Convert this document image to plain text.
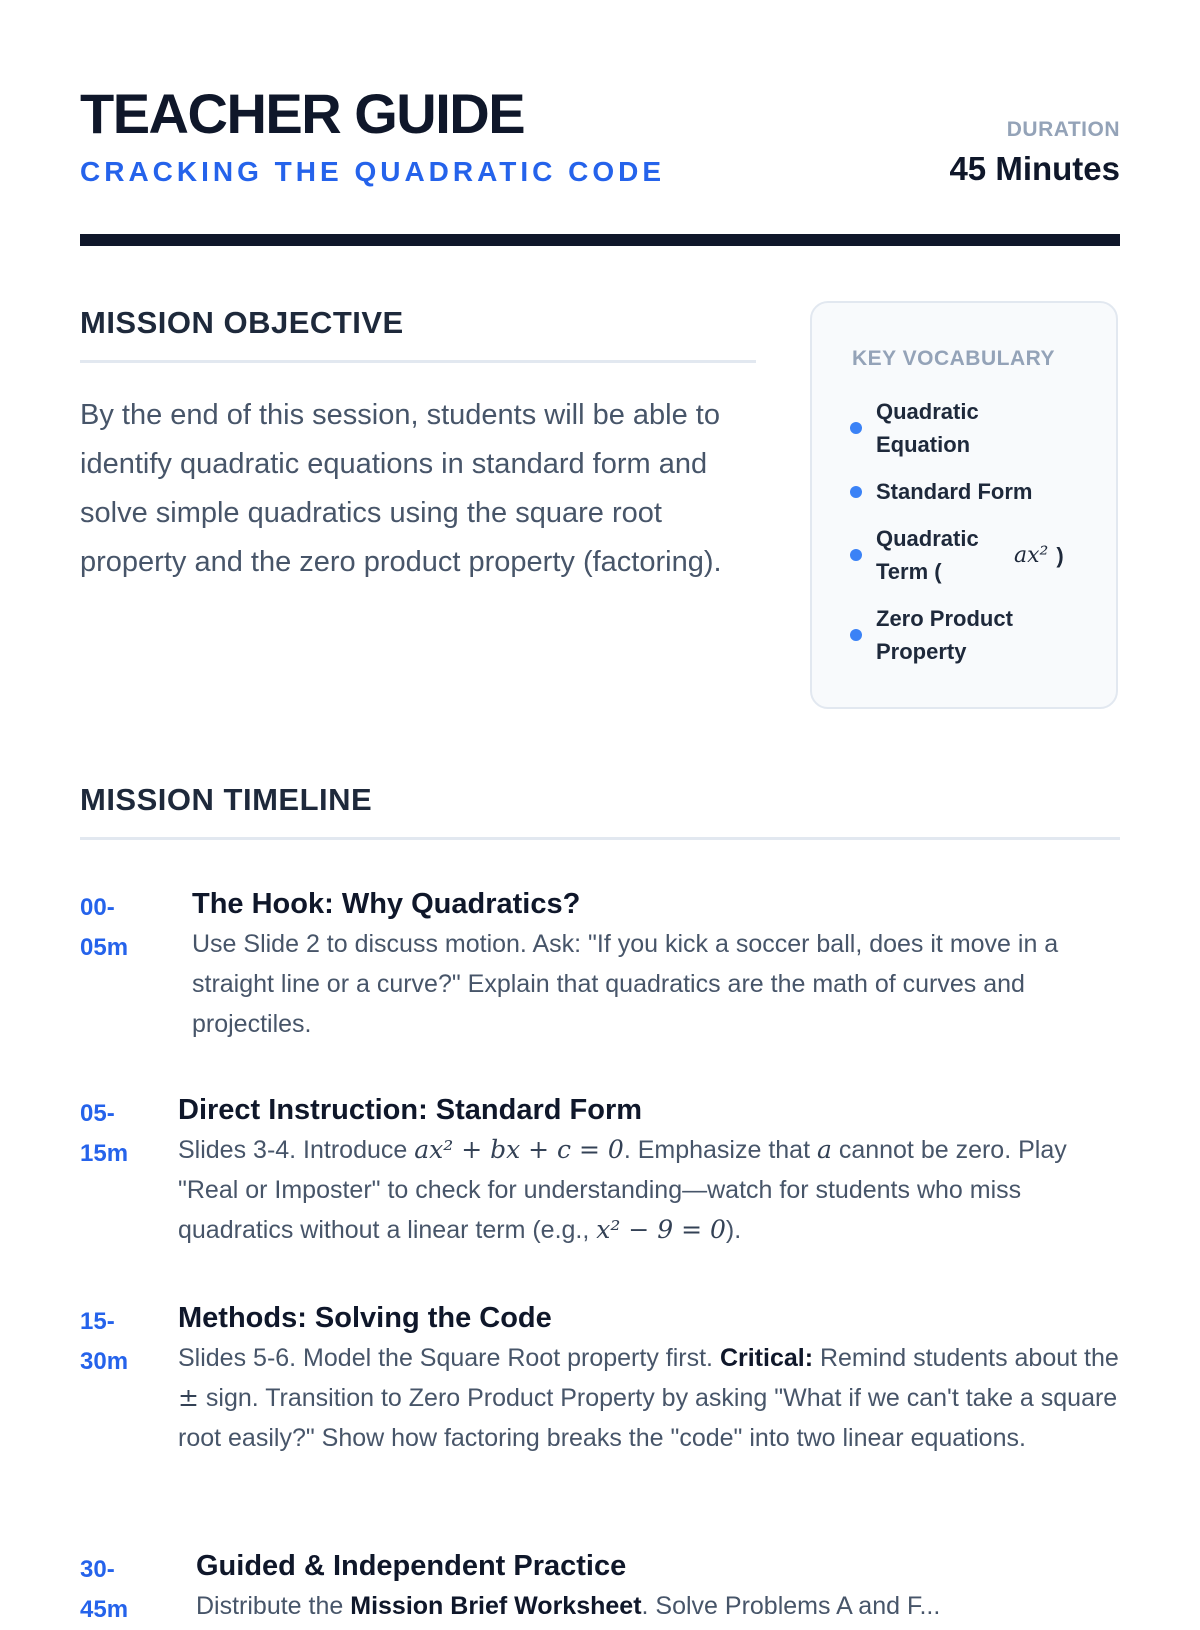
TEACHER GUIDE
CRACKING THE QUADRATIC CODE
DURATION
45 Minutes
MISSION OBJECTIVE
By the end of this session, students will be able to identify quadratic equations in standard form and solve simple quadratics using the square root property and the zero product property (factoring).
KEY VOCABULARY
Quadratic Equation
Standard Form
Quadratic Term (
ax² )
Zero Product Property
MISSION TIMELINE
00-
05m
The Hook: Why Quadratics?
Use Slide 2 to discuss motion. Ask: "If you kick a soccer ball, does it move in a straight line or a curve?" Explain that quadratics are the math of curves and projectiles.
05-
15m
Direct Instruction: Standard Form
Slides 3-4. Introduce ax² + bx + c = 0. Emphasize that a cannot be zero. Play "Real or Imposter" to check for understanding—watch for students who miss quadratics without a linear term (e.g., x² − 9 = 0).
15-
30m
Methods: Solving the Code
Slides 5-6. Model the Square Root property first. Critical: Remind students about the ± sign. Transition to Zero Product Property by asking "What if we can't take a square root easily?" Show how factoring breaks the "code" into two linear equations.
30-
45m
Guided & Independent Practice
Distribute the Mission Brief Worksheet. Solve Problems A and F...
